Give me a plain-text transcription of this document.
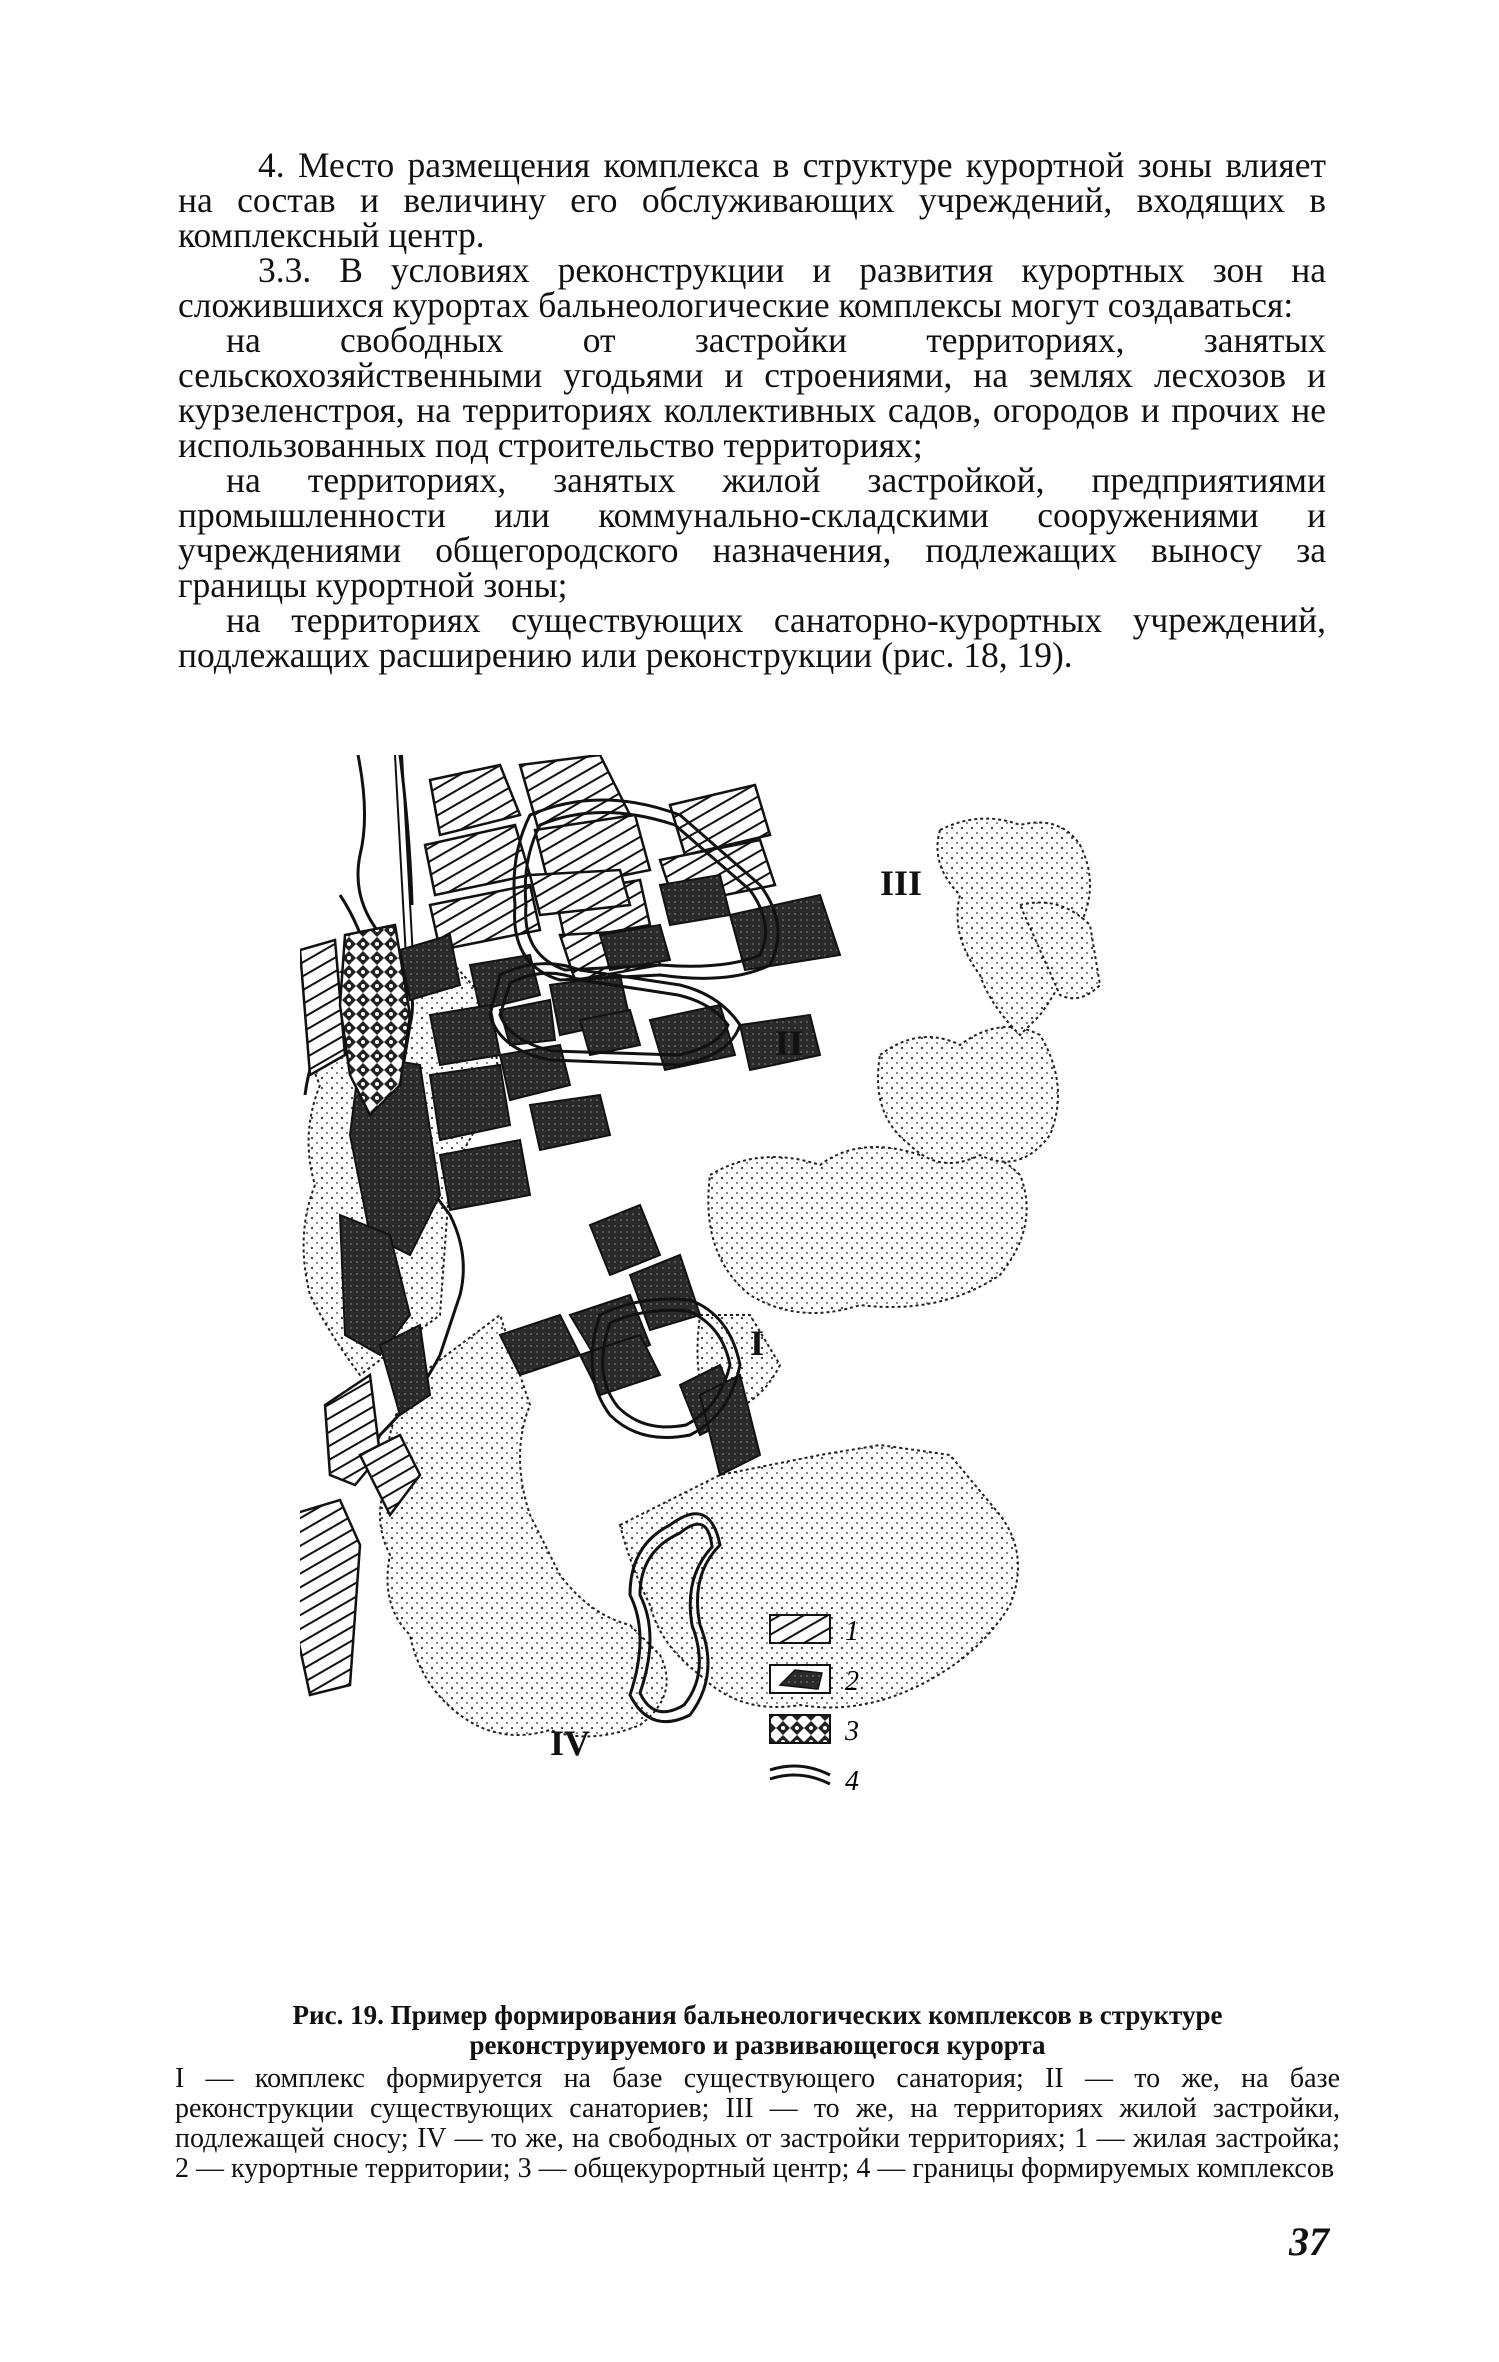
4. Место размещения комплекса в структуре курортной зоны влияет на состав и величину его обслуживающих учреждений, входящих в комплексный центр.

3.3. В условиях реконструкции и развития курортных зон на сложившихся курортах бальнеологические комплексы могут создаваться:

на свободных от застройки территориях, занятых сельскохозяйственными угодьями и строениями, на землях лесхозов и курзеленстроя, на территориях коллективных садов, огородов и прочих не использованных под строительство территориях;

на территориях, занятых жилой застройкой, предприятиями промышленности или коммунально-складскими сооружениями и учреждениями общегородского назначения, подлежащих выносу за границы курортной зоны;

на территориях существующих санаторно-курортных учреждений, подлежащих расширению или реконструкции (рис. 18, 19).

I
II
III
IV
1
2
3
4

Рис. 19. Пример формирования бальнеологических комплексов в структуре реконструируемого и развивающегося курорта

I — комплекс формируется на базе существующего санатория; II — то же, на базе реконструкции существующих санаториев; III — то же, на территориях жилой застройки, подлежащей сносу; IV — то же, на свободных от застройки территориях; 1 — жилая застройка; 2 — курортные территории; 3 — общекурортный центр; 4 — границы формируемых комплексов

37
